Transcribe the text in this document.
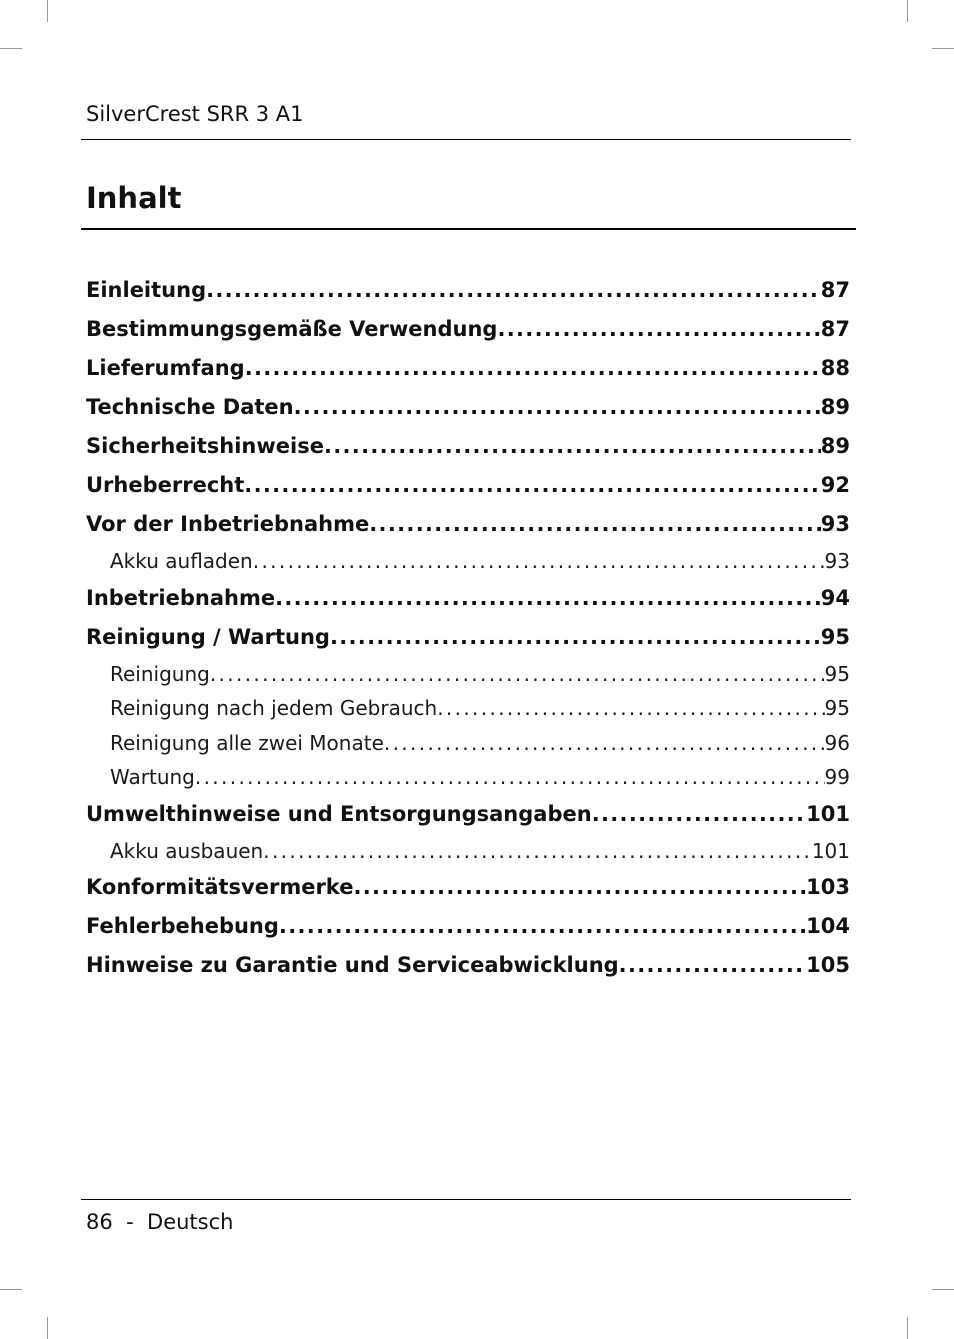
SilverCrest SRR 3 A1
Inhalt
Einleitung . . .	87
Bestimmungsgemäße Verwendung . . .	87
Lieferumfang . . .	88
Technische Daten . . .	89
Sicherheitshinweise . . .	89
Urheberrecht . . .	92
Vor der Inbetriebnahme . . .	93
Akku aufladen . . .	93
Inbetriebnahme . . .	94
Reinigung / Wartung . . .	95
Reinigung . . .	95
Reinigung nach jedem Gebrauch . . .	95
Reinigung alle zwei Monate . . .	96
Wartung . . .	99
Umwelthinweise und Entsorgungsangaben . . .	101
Akku ausbauen . . .	101
Konformitätsvermerke . . .	103
Fehlerbehebung . . .	104
Hinweise zu Garantie und Serviceabwicklung . . .	105
86 - Deutsch
